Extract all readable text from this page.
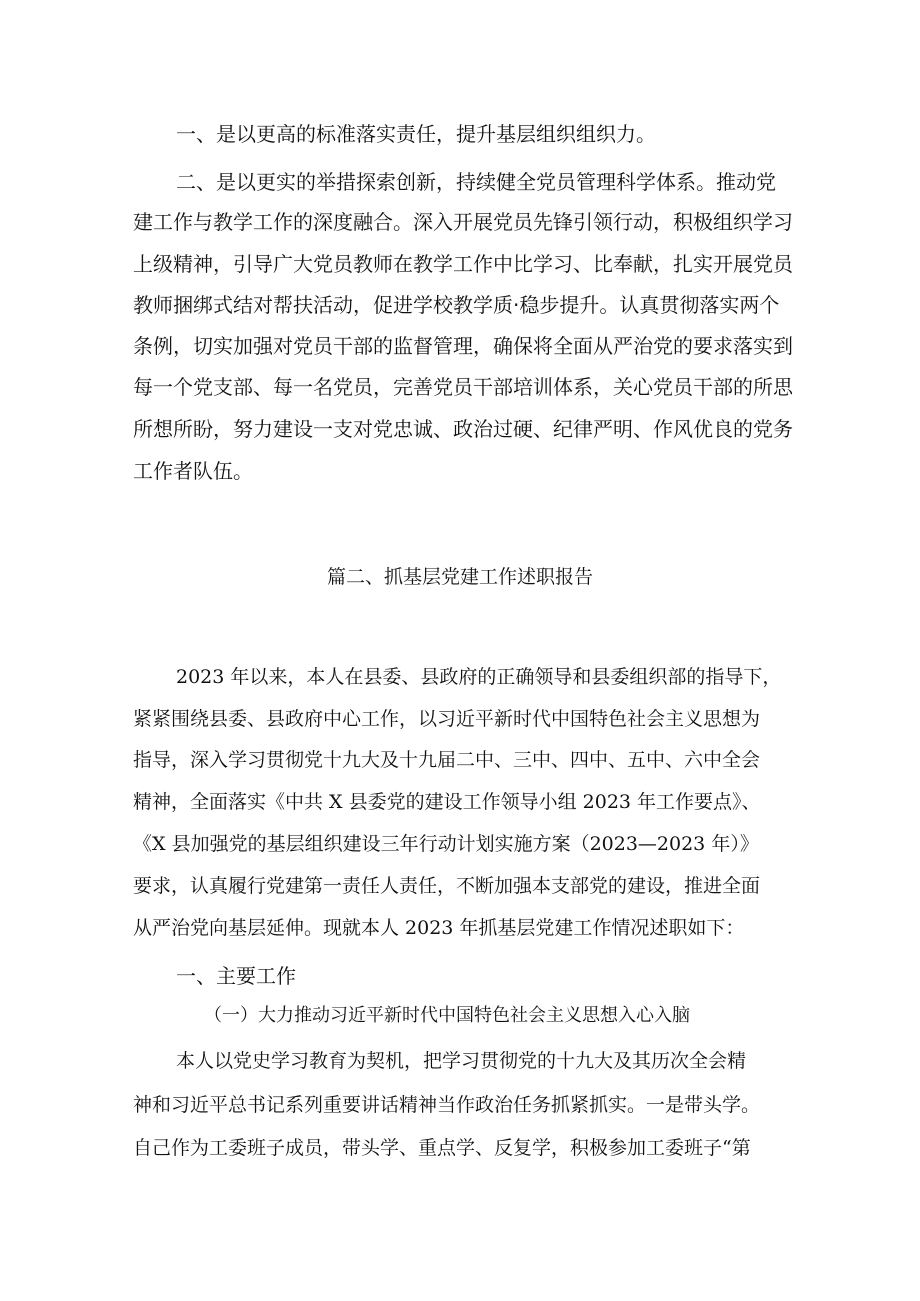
一、是以更高的标准落实责任，提升基层组织组织力。

二、是以更实的举措探索创新，持续健全党员管理科学体系。推动党

建工作与教学工作的深度融合。深入开展党员先锋引领行动，积极组织学习

上级精神，引导广大党员教师在教学工作中比学习、比奉献，扎实开展党员

教师捆绑式结对帮扶活动，促进学校教学质·稳步提升。认真贯彻落实两个

条例，切实加强对党员干部的监督管理，确保将全面从严治党的要求落实到

每一个党支部、每一名党员，完善党员干部培训体系，关心党员干部的所思

所想所盼，努力建设一支对党忠诚、政治过硬、纪律严明、作风优良的党务

工作者队伍。

篇二、抓基层党建工作述职报告

2023 年以来，本人在县委、县政府的正确领导和县委组织部的指导下，

紧紧围绕县委、县政府中心工作，以习近平新时代中国特色社会主义思想为

指导，深入学习贯彻党十九大及十九届二中、三中、四中、五中、六中全会

精神，全面落实《中共 X 县委党的建设工作领导小组 2023 年工作要点》、

《X 县加强党的基层组织建设三年行动计划实施方案（2023—2023 年）》

要求，认真履行党建第一责任人责任，不断加强本支部党的建设，推进全面

从严治党向基层延伸。现就本人 2023 年抓基层党建工作情况述职如下：

一、主要工作

（一）大力推动习近平新时代中国特色社会主义思想入心入脑

本人以党史学习教育为契机，把学习贯彻党的十九大及其历次全会精

神和习近平总书记系列重要讲话精神当作政治任务抓紧抓实。一是带头学。

自己作为工委班子成员，带头学、重点学、反复学，积极参加工委班子“第
